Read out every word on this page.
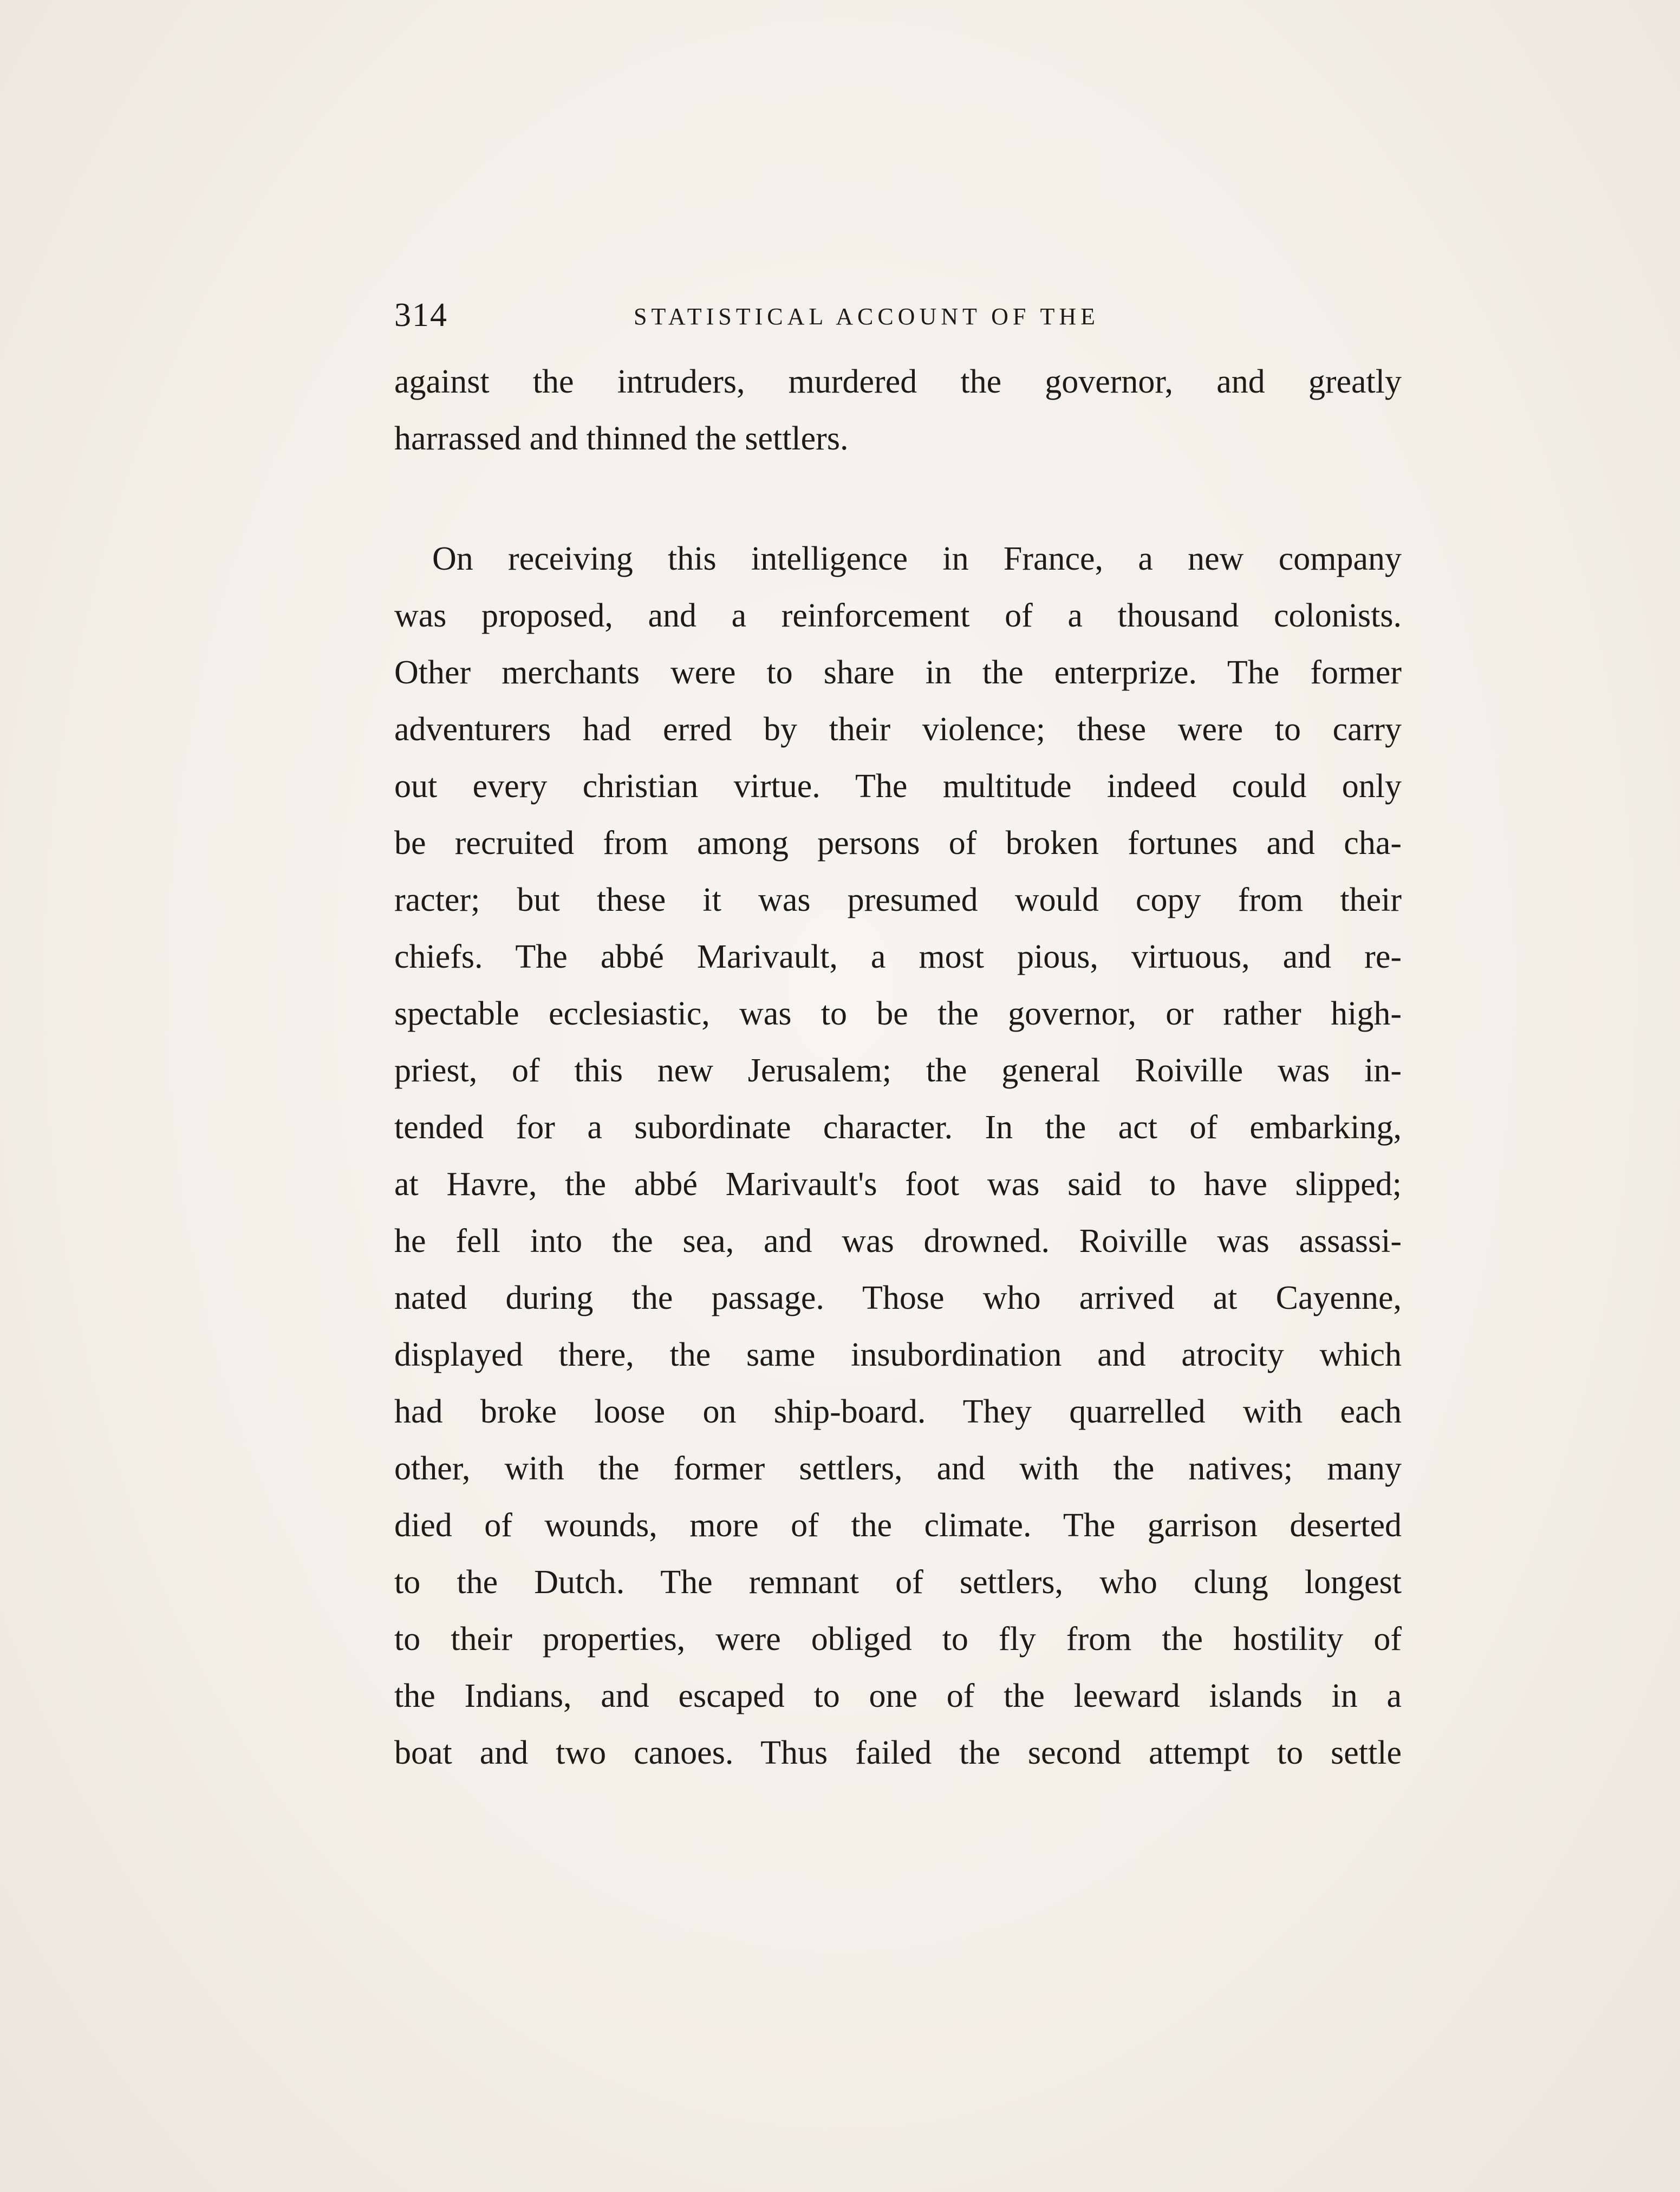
314	STATISTICAL ACCOUNT OF THE
against the intruders, murdered the governor, and greatly
harrassed and thinned the settlers.
On receiving this intelligence in France, a new company
was proposed, and a reinforcement of a thousand colonists.
Other merchants were to share in the enterprize. The former
adventurers had erred by their violence; these were to carry
out every christian virtue. The multitude indeed could only
be recruited from among persons of broken fortunes and cha-
racter; but these it was presumed would copy from their
chiefs. The abbé Marivault, a most pious, virtuous, and re-
spectable ecclesiastic, was to be the governor, or rather high-
priest, of this new Jerusalem; the general Roiville was in-
tended for a subordinate character. In the act of embarking,
at Havre, the abbé Marivault's foot was said to have slipped;
he fell into the sea, and was drowned. Roiville was assassi-
nated during the passage. Those who arrived at Cayenne,
displayed there, the same insubordination and atrocity which
had broke loose on ship-board. They quarrelled with each
other, with the former settlers, and with the natives; many
died of wounds, more of the climate. The garrison deserted
to the Dutch. The remnant of settlers, who clung longest
to their properties, were obliged to fly from the hostility of
the Indians, and escaped to one of the leeward islands in a
boat and two canoes. Thus failed the second attempt to settle
